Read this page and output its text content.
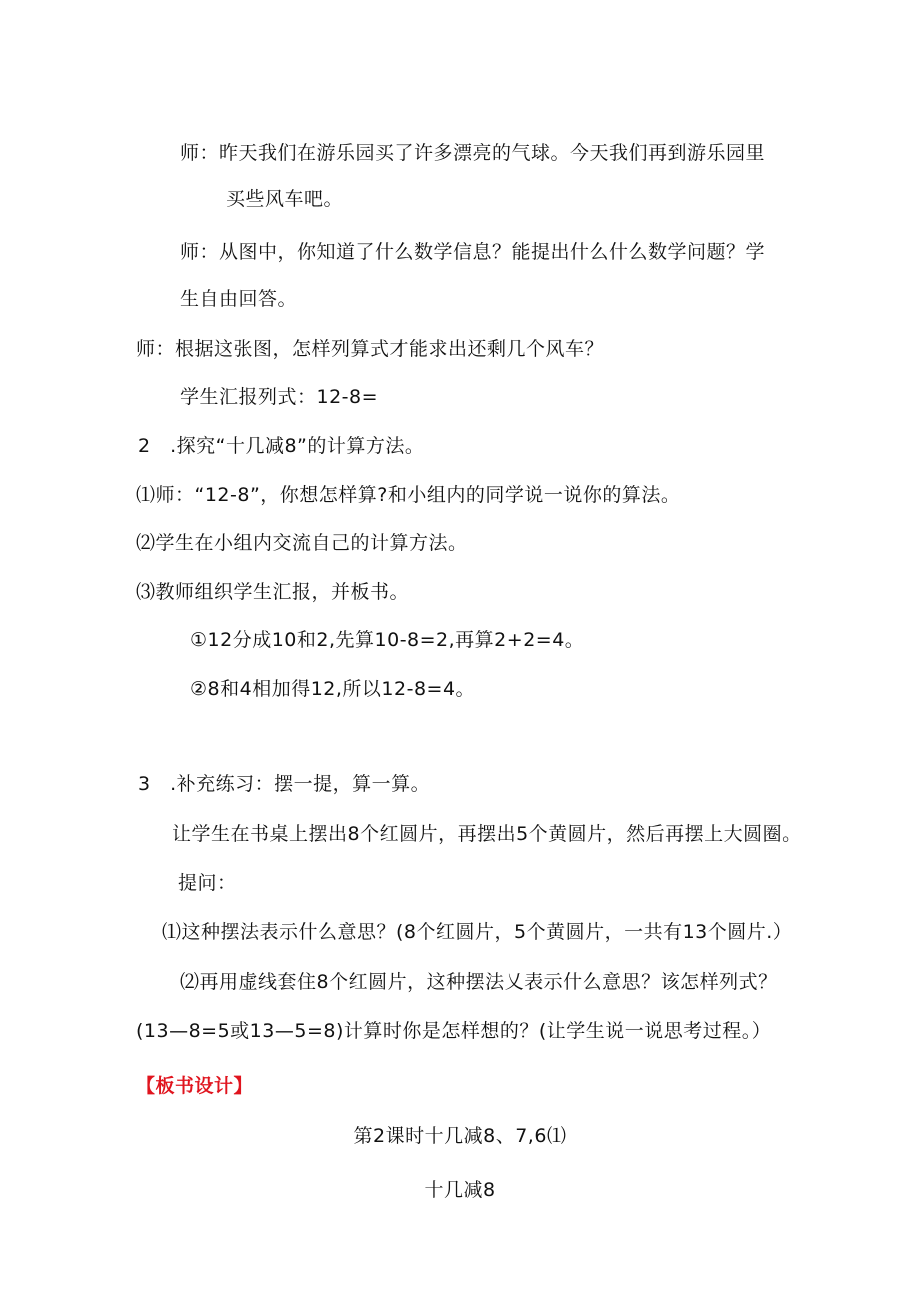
师：昨天我们在游乐园买了许多漂亮的气球。今天我们再到游乐园里
买些风车吧。
师：从图中，你知道了什么数学信息？能提出什么什么数学问题？学
生自由回答。
师：根据这张图，怎样列算式才能求出还剩几个风车？
学生汇报列式：12-8=
2　.探究“十几减8”的计算方法。
⑴师：“12-8”，你想怎样算?和小组内的同学说一说你的算法。
⑵学生在小组内交流自己的计算方法。
⑶教师组织学生汇报，并板书。
①12分成10和2,先算10-8=2,再算2+2=4。
②8和4相加得12,所以12-8=4。
3　.补充练习：摆一提，算一算。
让学生在书桌上摆出8个红圆片，再摆出5个黄圆片，然后再摆上大圆圈。
提问：
⑴这种摆法表示什么意思？(8个红圆片，5个黄圆片，一共有13个圆片.）
⑵再用虚线套住8个红圆片，这种摆法乂表示什么意思？该怎样列式？
(13—8=5或13—5=8)计算时你是怎样想的？(让学生说一说思考过程。）
【板书设计】
第2课时十几减8、7,6⑴
十几减8
